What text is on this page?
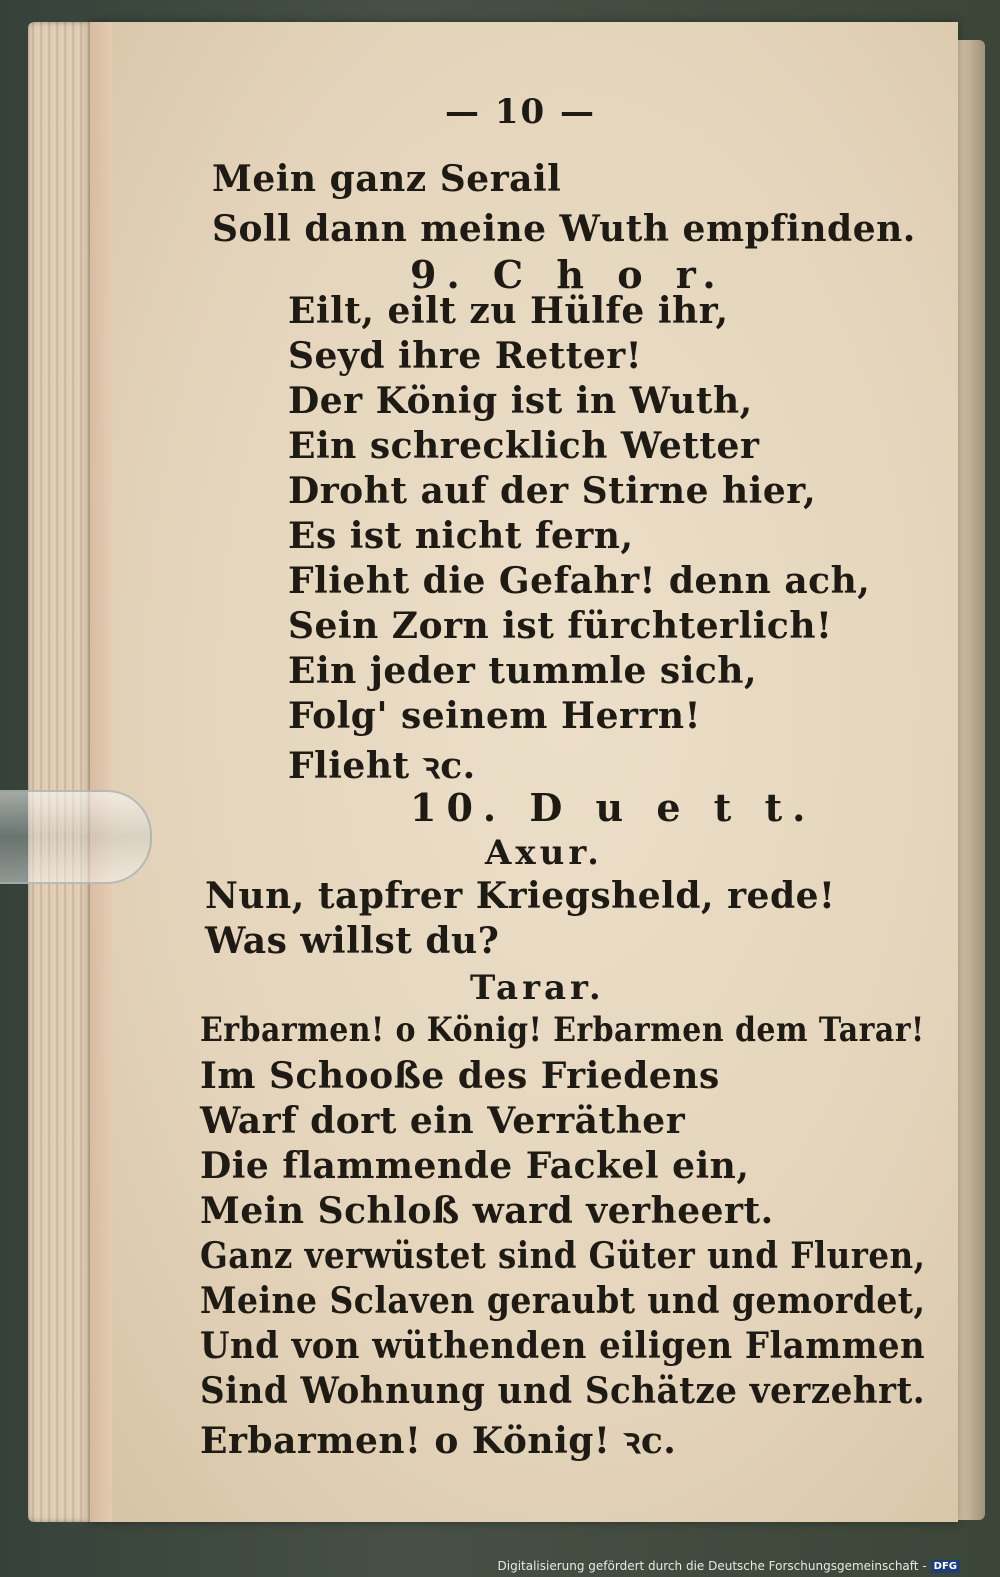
— 10 —
Mein ganz Serail
Soll dann meine Wuth empfinden.
9. C h o r.
Eilt, eilt zu Hülfe ihr,
Seyd ihre Retter!
Der König ist in Wuth,
Ein schrecklich Wetter
Droht auf der Stirne hier,
Es ist nicht fern,
Flieht die Gefahr! denn ach,
Sein Zorn ist fürchterlich!
Ein jeder tummle sich,
Folg' seinem Herrn!
Flieht ꝛc.
10. D u e t t.
Axur.
Nun, tapfrer Kriegsheld, rede!
Was willst du?
Tarar.
Erbarmen! o König! Erbarmen dem Tarar!
Im Schooße des Friedens
Warf dort ein Verräther
Die flammende Fackel ein,
Mein Schloß ward verheert.
Ganz verwüstet sind Güter und Fluren,
Meine Sclaven geraubt und gemordet,
Und von wüthenden eiligen Flammen
Sind Wohnung und Schätze verzehrt.
Erbarmen! o König! ꝛc.
Digitalisierung gefördert durch die Deutsche Forschungsgemeinschaft - DFG
